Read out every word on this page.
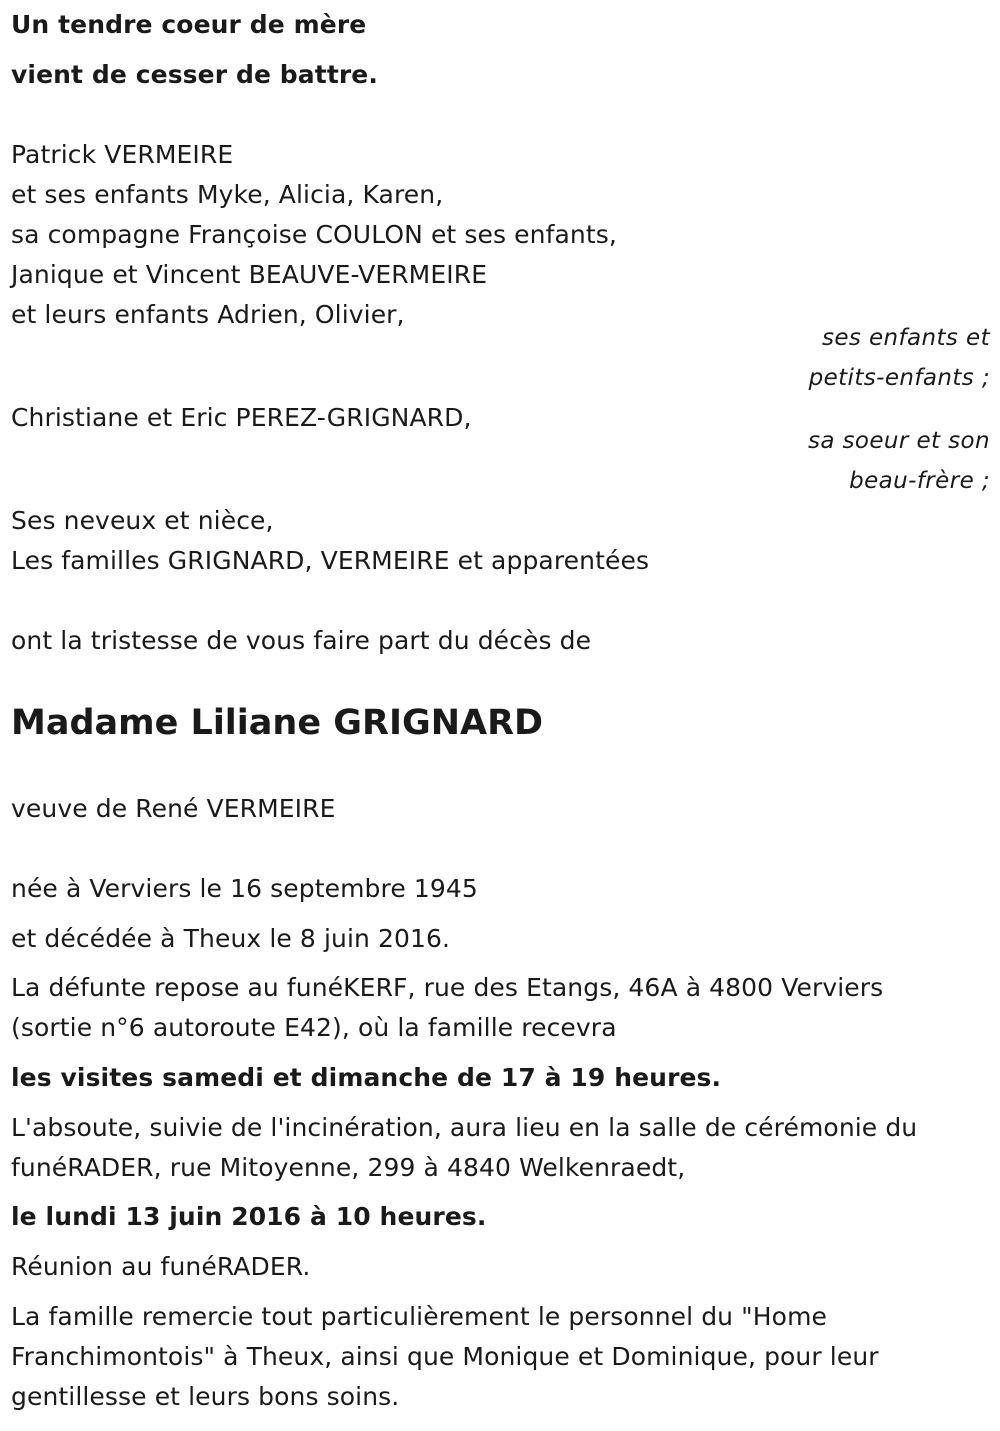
Un tendre coeur de mère
vient de cesser de battre.
Patrick VERMEIRE
et ses enfants Myke, Alicia, Karen,
sa compagne Françoise COULON et ses enfants,
Janique et Vincent BEAUVE-VERMEIRE
et leurs enfants Adrien, Olivier,
ses enfants et
petits-enfants ;
Christiane et Eric PEREZ-GRIGNARD,
sa soeur et son
beau-frère ;
Ses neveux et nièce,
Les familles GRIGNARD, VERMEIRE et apparentées
ont la tristesse de vous faire part du décès de
Madame Liliane GRIGNARD
veuve de René VERMEIRE
née à Verviers le 16 septembre 1945
et décédée à Theux le 8 juin 2016.
La défunte repose au funéKERF, rue des Etangs, 46A à 4800 Verviers
(sortie n°6 autoroute E42), où la famille recevra
les visites samedi et dimanche de 17 à 19 heures.
L'absoute, suivie de l'incinération, aura lieu en la salle de cérémonie du
funéRADER, rue Mitoyenne, 299 à 4840 Welkenraedt,
le lundi 13 juin 2016 à 10 heures.
Réunion au funéRADER.
La famille remercie tout particulièrement le personnel du "Home
Franchimontois" à Theux, ainsi que Monique et Dominique, pour leur
gentillesse et leurs bons soins.
